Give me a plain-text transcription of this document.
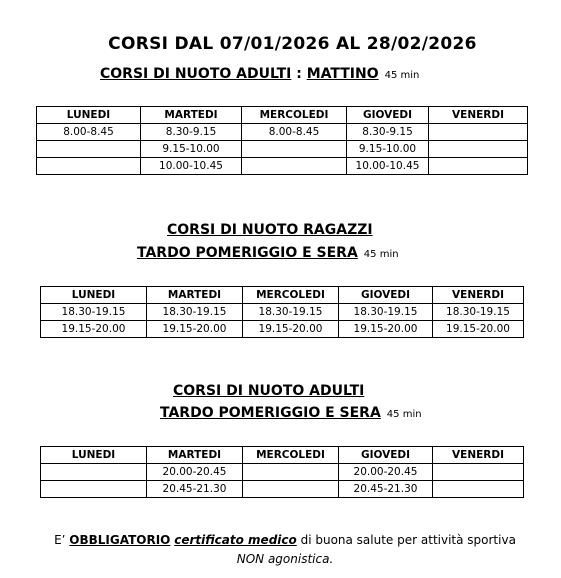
CORSI DAL 07/01/2026 AL 28/02/2026
CORSI DI NUOTO ADULTI : MATTINO 45 min
LUNEDI	MARTEDI	MERCOLEDI	GIOVEDI	VENERDI
8.00-8.45	8.30-9.15	8.00-8.45	8.30-9.15	
	9.15-10.00		9.15-10.00	
	10.00-10.45		10.00-10.45	
CORSI DI NUOTO RAGAZZI
TARDO POMERIGGIO E SERA 45 min
LUNEDI	MARTEDI	MERCOLEDI	GIOVEDI	VENERDI
18.30-19.15	18.30-19.15	18.30-19.15	18.30-19.15	18.30-19.15
19.15-20.00	19.15-20.00	19.15-20.00	19.15-20.00	19.15-20.00
CORSI DI NUOTO ADULTI
TARDO POMERIGGIO E SERA 45 min
LUNEDI	MARTEDI	MERCOLEDI	GIOVEDI	VENERDI
	20.00-20.45		20.00-20.45	
	20.45-21.30		20.45-21.30	
E’ OBBLIGATORIO certificato medico di buona salute per attività sportiva
NON agonistica.
